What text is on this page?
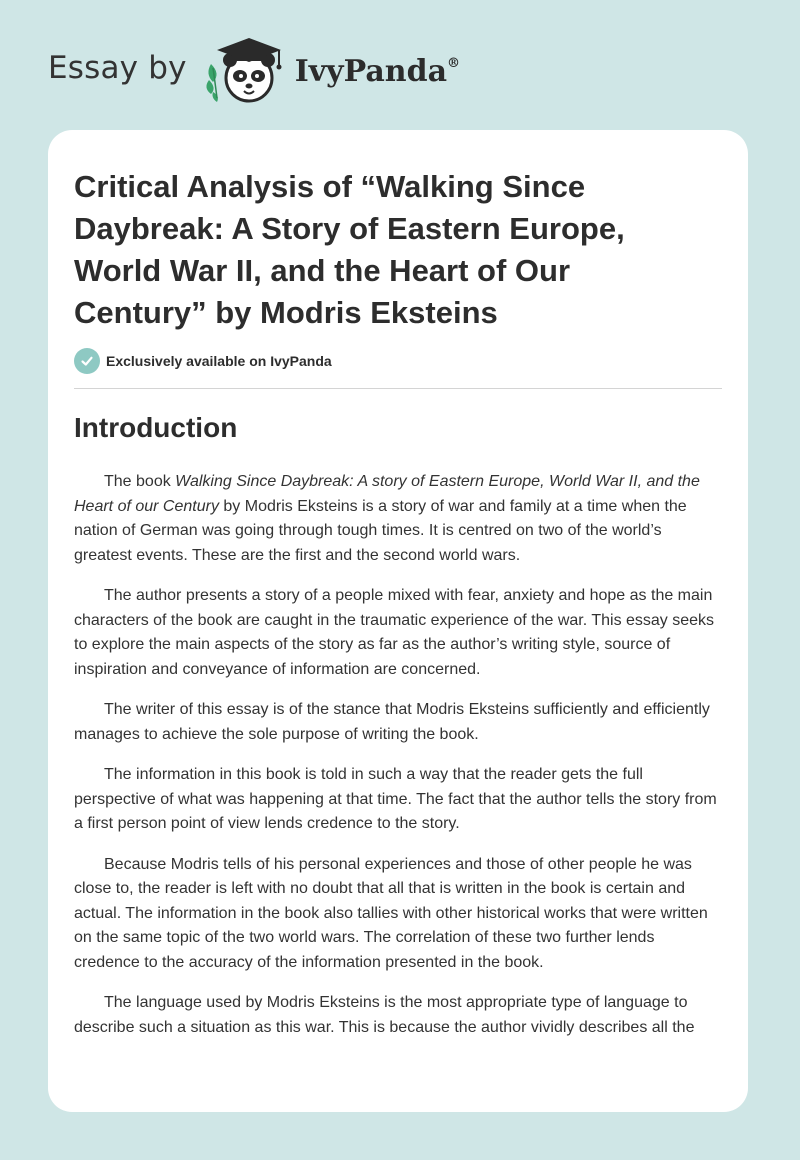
Essay by	IvyPanda®
Critical Analysis of “Walking Since Daybreak: A Story of Eastern Europe, World War II, and the Heart of Our Century” by Modris Eksteins
Exclusively available on IvyPanda
Introduction

The book Walking Since Daybreak: A story of Eastern Europe, World War II, and the Heart of our Century by Modris Eksteins is a story of war and family at a time when the nation of German was going through tough times. It is centred on two of the world’s greatest events. These are the first and the second world wars.

The author presents a story of a people mixed with fear, anxiety and hope as the main characters of the book are caught in the traumatic experience of the war. This essay seeks to explore the main aspects of the story as far as the author’s writing style, source of inspiration and conveyance of information are concerned.

The writer of this essay is of the stance that Modris Eksteins sufficiently and efficiently manages to achieve the sole purpose of writing the book.

The information in this book is told in such a way that the reader gets the full perspective of what was happening at that time. The fact that the author tells the story from a first person point of view lends credence to the story.

Because Modris tells of his personal experiences and those of other people he was close to, the reader is left with no doubt that all that is written in the book is certain and actual. The information in the book also tallies with other historical works that were written on the same topic of the two world wars. The correlation of these two further lends credence to the accuracy of the information presented in the book.

The language used by Modris Eksteins is the most appropriate type of language to describe such a situation as this war. This is because the author vividly describes all the
